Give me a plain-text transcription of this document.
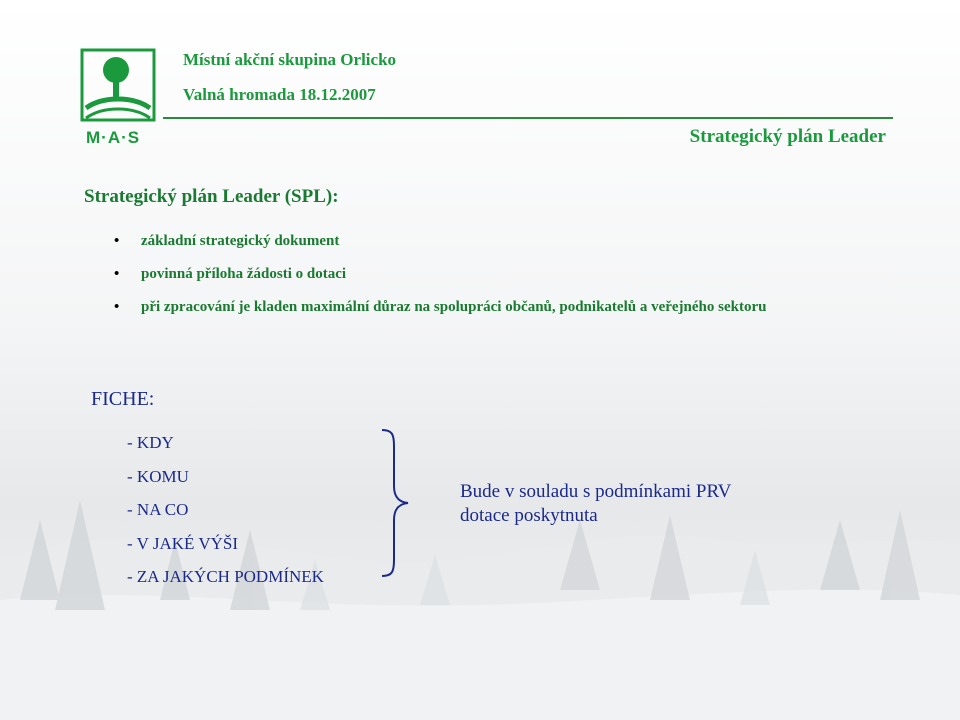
M·A·S
Místní akční skupina Orlicko
Valná hromada 18.12.2007
Strategický plán Leader
Strategický plán Leader (SPL):
• základní strategický dokument
• povinná příloha žádosti o dotaci
• při zpracování je kladen maximální důraz na spolupráci občanů, podnikatelů a veřejného sektoru
FICHE:
- KDY
- KOMU
- NA CO
- V JAKÉ VÝŠI
- ZA JAKÝCH PODMÍNEK
Bude v souladu s podmínkami PRV
dotace poskytnuta
